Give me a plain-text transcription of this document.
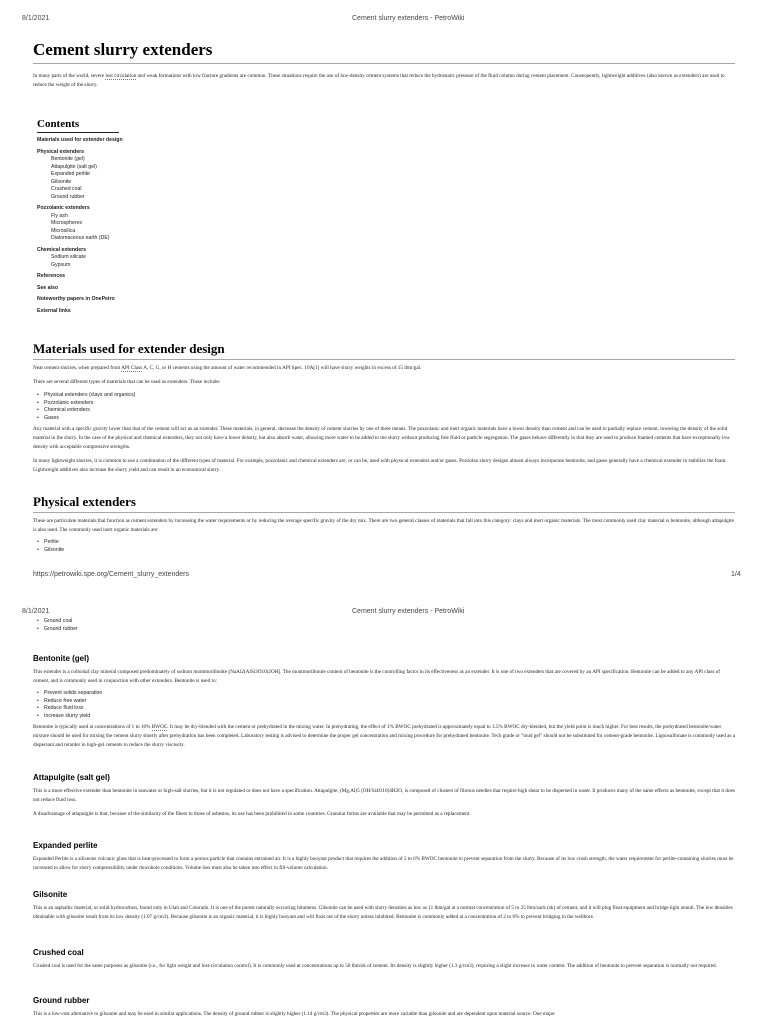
8/1/2021	Cement slurry extenders - PetroWiki
Cement slurry extenders

In many parts of the world, severe lost circulation and weak formations with low fracture gradients are common. These situations require the use of low-density cement systems that reduce the hydrostatic pressure of the fluid column during cement placement. Consequently, lightweight additives (also known as extenders) are used to reduce the weight of the slurry.

Contents
Materials used for extender design
Physical extenders
Bentonite (gel)
Attapulgite (salt gel)
Expanded perlite
Gilsonite
Crushed coal
Ground rubber
Pozzolanic extenders
Fly ash
Microspheres
Microsilica
Diatomaceous earth (DE)
Chemical extenders
Sodium silicate
Gypsum
References
See also
Noteworthy papers in OnePetro
External links
Materials used for extender design

Neat cement slurries, when prepared from API Class A, C, G, or H cements using the amount of water recommended in API Spec. 10A[1] will have slurry weights in excess of 15 lbm/gal.

There are several different types of materials that can be used as extenders. These include:

• Physical extenders (clays and organics)
• Pozzolanic extenders
• Chemical extenders
• Gases

Any material with a specific gravity lower than that of the cement will act as an extender. These materials, in general, decrease the density of cement slurries by one of three means. The pozzolanic and inert organic materials have a lower density than cement and can be used to partially replace cement, lowering the density of the solid material in the slurry. In the case of the physical and chemical extenders, they not only have a lower density, but also absorb water, allowing more water to be added to the slurry without producing free fluid or particle segregation. The gases behave differently in that they are used to produce foamed cements that have exceptionally low density with acceptable compressive strengths.

In many lightweight slurries, it is common to use a combination of the different types of material. For example, pozzolanic and chemical extenders are, or can be, used with physical extenders and/or gases. Pozzolan slurry designs almost always incorporate bentonite, and gases generally have a chemical extender to stabilize the foam. Lightweight additives also increase the slurry yield and can result in an economical slurry.

Physical extenders

These are particulate materials that function as cement extenders by increasing the water requirements or by reducing the average specific gravity of the dry mix. There are two general classes of materials that fall into this category: clays and inert organic materials. The most commonly used clay material is bentonite, although attapulgite is also used. The commonly used inert organic materials are:

• Perlite
• Gilsonite
https://petrowiki.spe.org/Cement_slurry_extenders	1/4
8/1/2021	Cement slurry extenders - PetroWiki
• Ground coal
• Ground rubber
Bentonite (gel)

This extender is a colloidal clay mineral composed predominately of sodium montmorillonite [NaAl2(AlSi3O10)2OH]. The montmorillonite content of bentonite is the controlling factor in its effectiveness as an extender. It is one of two extenders that are covered by an API specification. Bentonite can be added to any API class of cement, and is commonly used in conjunction with other extenders. Bentonite is used to:

• Prevent solids separation
• Reduce free water
• Reduce fluid loss
• Increase slurry yield

Bentonite is typically used at concentrations of 1 to 16% BWOC. It may be dry-blended with the cement or prehydrated in the mixing water. In prehydrating, the effect of 1% BWOC prehydrated is approximately equal to 3.5% BWOC dry-blended, but the yield point is much higher. For best results, the prehydrated bentonite/water mixture should be used for mixing the cement slurry shortly after prehydration has been completed. Laboratory testing is advised to determine the proper gel concentration and mixing procedure for prehydrated bentonite. Tech grade or "mud gel" should not be substituted for cement-grade bentonite. Lignosulfonate is commonly used as a dispersant and retarder in high-gel cements to reduce the slurry viscosity.

Attapulgite (salt gel)

This is a more effective extender than bentonite in seawater or high-salt slurries, but it is not regulated or does not have a specification. Attapulgite, (Mg,Al)5 (OH/Si4O10)4H2O, is composed of clusters of fibrous needles that require high shear to be dispersed in water. It produces many of the same effects as bentonite, except that it does not reduce fluid loss.

A disadvantage of attapulgite is that, because of the similarity of the fibers to those of asbestos, its use has been prohibited in some countries. Granular forms are available that may be permitted as a replacement.

Expanded perlite

Expanded Perlite is a siliceous volcanic glass that is heat-processed to form a porous particle that contains entrained air. It is a highly buoyant product that requires the addition of 2 to 6% BWOC bentonite to prevent separation from the slurry. Because of its low crush strength, the water requirement for perlite-containing slurries must be increased to allow for slurry compressibility under downhole conditions. Volume loss must also be taken into effect in fill-volume calculation.

Gilsonite

This is an asphaltic material, or solid hydrocarbon, found only in Utah and Colorado. It is one of the purest naturally occurring bitumens. Gilsonite can be used with slurry densities as low as 11 lbm/gal at a normal concentration of 5 to 25 lbm/sack (sk) of cement, and it will plug float equipment and bridge tight annuli. The low densities obtainable with gilsonite result from its low density (1.07 g/cm3). Because gilsonite is an organic material, it is highly buoyant and will float out of the slurry unless inhibited. Bentonite is commonly added at a concentration of 2 to 6% to prevent bridging in the wellbore.

Crushed coal

Crushed coal is used for the same purposes as gilsonite (i.e., for light weight and lost-circulation control). It is commonly used at concentrations up to 50 lbm/sk of cement. Its density is slightly higher (1.3 g/cm3), requiring a slight increase in water content. The addition of bentonite to prevent separation is normally not required.

Ground rubber

This is a low-cost alternative to gilsonite and may be used in similar applications. The density of ground rubber is slightly higher (1.14 g/cm3). The physical properties are more variable than gilsonite and are dependent upon material source. One major
